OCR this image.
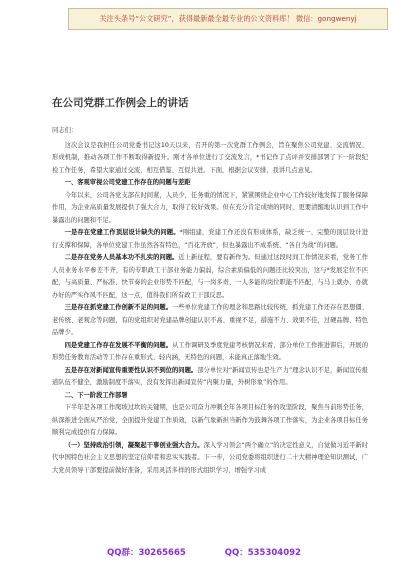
关注头条号“公文研究”，获得最新最全最专业的公文资料库！ 微信：gongwenyj
在公司党群工作例会上的讲话

同志们：

这次会议是我担任公司党委书记这10天以来，召开的第一次党群工作例会，旨在聚焦公司党建、交流情况、形成机制，推动各项工作不断取得新提升。刚才各单位进行了交流发言，*书记作了点评并安排部署了下一阶段纪检工作任务，希望大家通过交流，相互借鉴、互促共进。下面，根据会议安排，我讲几点意见。

一、客观审视公司党建工作存在的问题与差距

今年以来，公司各党支部在时间紧，人员少，任务重的情况下，紧紧围绕企业中心工作较好地发挥了服务保障作用，为企业高质量发展提供了强大合力，取得了较好效果。但在充分肯定成绩的同时，更要清醒地认识到工作中暴露出的问题和不足。

一是存在党建工作顶层设计缺失的问题。*刚组建，党建工作还没有形成体系，缺乏统一、完整的顶层设计进行支撑和保障，各单位党建工作虽然各有特色，“百花齐放”，但也暴露出不成系统、“各自为战”的问题。

二是存在党务人员基本功不扎实的问题。近上新征程，要有新作为。但通过这段时间工作情况来看，党务工作人员业务水平参差不齐，有的专职政工干部业务能力偏弱，综合素质偏低的问题还比较突出，这与*发展定位不匹配，与高质量、严标准、快节奏的企业形势不匹配，与一岗多责、一人多能的岗位职能不匹配，与马上就办、办就办好的严实作风不匹配，这一点，值得我们所有政工干部反思。

三是存在抓党建工作创新不足的问题。一些单位党建工作的理念和思路比较传统，抓党建工作还存在思想僵、老传统、老观念等问题，有的党组织对党建品牌创建认识不高、重视不足，措施不力、效果不佳，过硬品牌、特色品牌少。

四是党建工作存在发展不平衡的问题。从工作调研及季度党建考核情况来看，部分单位工作推进滞后，开展的形势任务教育活动等工作存在重形式、轻内涵，无特色的问题，未能真正落地生效。

五是存在对新闻宣传重要性认识不到位的问题。部分单位对“新闻宣传也是生产力”理念认识不足，新闻宣传报道队伍不健全，激励制度不落实，没有发挥出新闻宣传“内聚力量，外树形象”的作用。

二、下一阶段工作部署

下半年是各项工作爬坡过坎的关键期，也是公司奋力冲刺全年各项目标任务的攻坚阶段，聚焦当前形势任务，纵深推进全面从严治党，全面提升党建工作质效，以新气象新担当新作为鼓舞各项工作落实，为企业各项目标任务顺利完成提供有力保障。

（一）坚持政治引领，凝聚起干事创业强大合力。深入学习领会“两个确立”的决定性意义，自觉做习近平新时代中国特色社会主义思想的坚定信仰者和忠实实践者。下一步，公司党委将组织进行二十大精神理论知识测试，广大党员领导干部要提前做好准备，采用灵活多样的形式组织学习，增强学习成

QQ群：30265665	QQ：535304092
